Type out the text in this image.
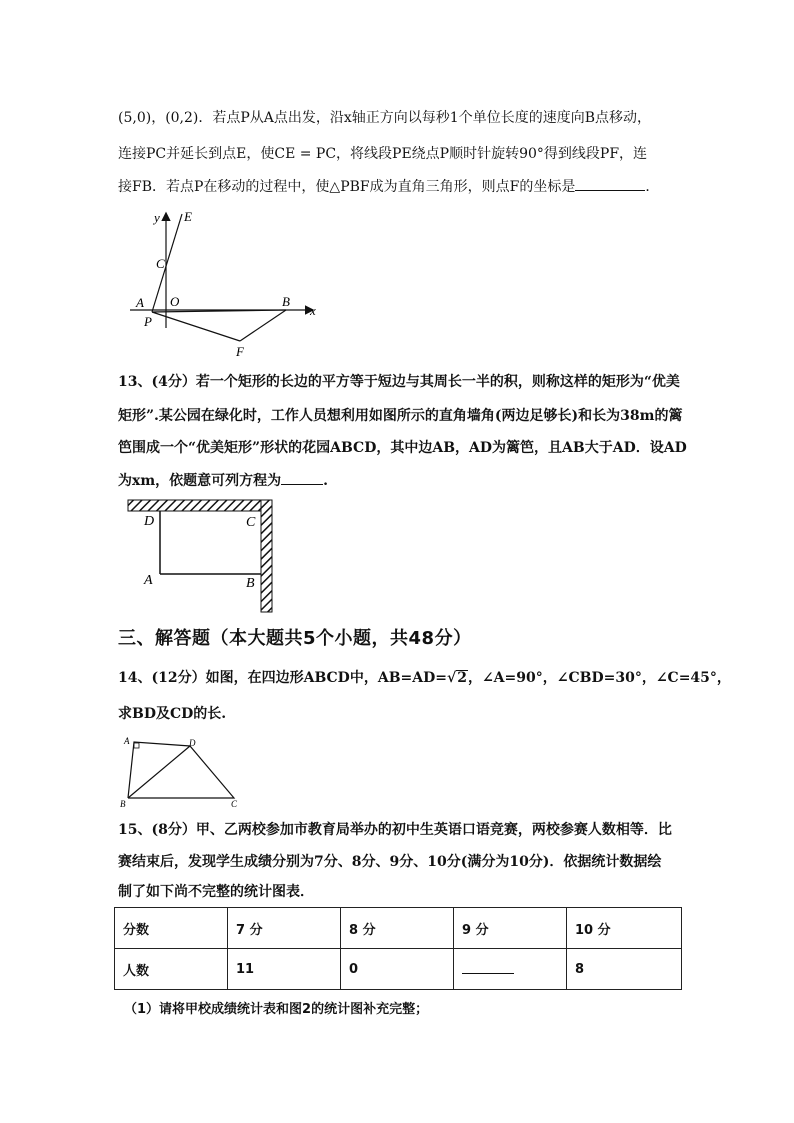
(5,0)，(0,2)．若点P从A点出发，沿x轴正方向以每秒1个单位长度的速度向B点移动，
连接PC并延长到点E，使CE = PC，将线段PE绕点P顺时针旋转90°得到线段PF，连
接FB．若点P在移动的过程中，使△PBF成为直角三角形，则点F的坐标是	．
y E
C
A O
P
B
x
F
13、(4分）若一个矩形的长边的平方等于短边与其周长一半的积，则称这样的矩形为“优美
矩形”.某公园在绿化时，工作人员想利用如图所示的直角墙角(两边足够长)和长为38m的篱
笆围成一个“优美矩形”形状的花园ABCD，其中边AB，AD为篱笆，且AB大于AD．设AD
为xm，依题意可列方程为	.
D	C
A	B
三、解答题（本大题共5个小题，共48分）
14、(12分）如图，在四边形ABCD中，AB=AD=√2，∠A=90°，∠CBD=30°，∠C=45°，
求BD及CD的长.
A	D
B	C
15、(8分）甲、乙两校参加市教育局举办的初中生英语口语竞赛，两校参赛人数相等．比
赛结束后，发现学生成绩分别为7分、8分、9分、10分(满分为10分)．依据统计数据绘
制了如下尚不完整的统计图表．
分数	7 分	8 分	9 分	10 分
人数	11	0		8
（1）请将甲校成绩统计表和图2的统计图补充完整；
